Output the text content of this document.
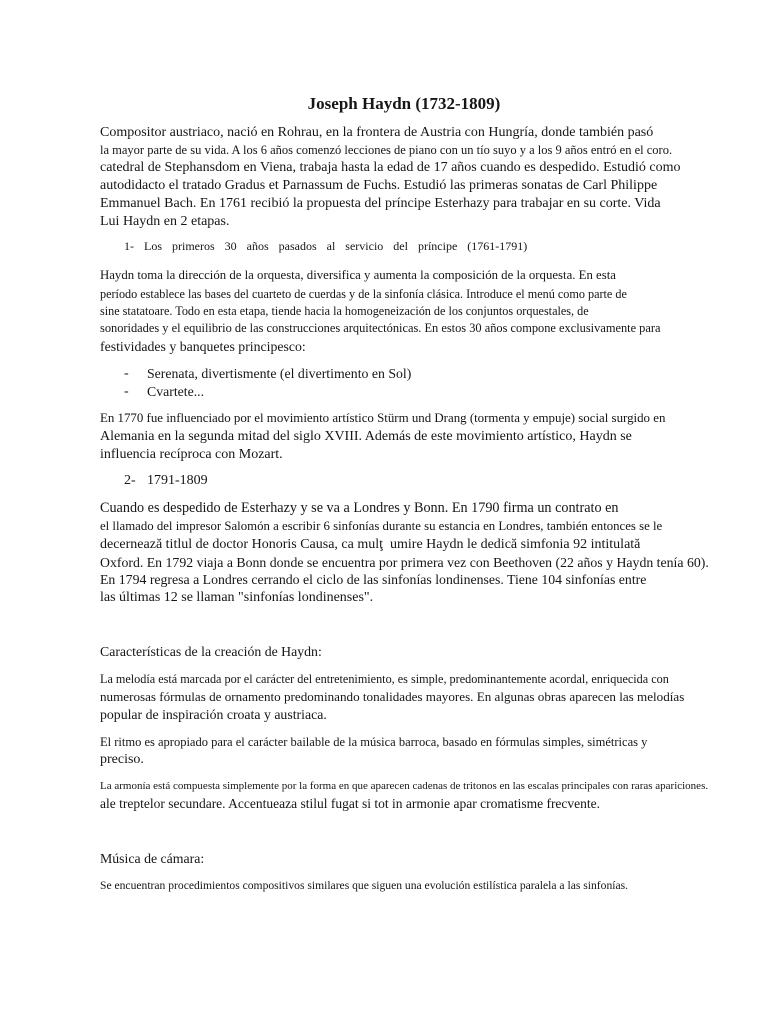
Joseph Haydn (1732-1809)
Compositor austriaco, nació en Rohrau, en la frontera de Austria con Hungría, donde también pasó
la mayor parte de su vida. A los 6 años comenzó lecciones de piano con un tío suyo y a los 9 años entró en el coro.
catedral de Stephansdom en Viena, trabaja hasta la edad de 17 años cuando es despedido. Estudió como
autodidacto el tratado Gradus et Parnassum de Fuchs. Estudió las primeras sonatas de Carl Philippe
Emmanuel Bach. En 1761 recibió la propuesta del príncipe Esterhazy para trabajar en su corte. Vida
Lui Haydn en 2 etapas.
1- Los primeros 30 años pasados al servicio del príncipe (1761-1791)
Haydn toma la dirección de la orquesta, diversifica y aumenta la composición de la orquesta. En esta
período establece las bases del cuarteto de cuerdas y de la sinfonía clásica. Introduce el menú como parte de
sine statatoare. Todo en esta etapa, tiende hacia la homogeneización de los conjuntos orquestales, de
sonoridades y el equilibrio de las construcciones arquitectónicas. En estos 30 años compone exclusivamente para
festividades y banquetes principesco:
- Serenata, divertismente (el divertimento en Sol)
- Cvartete...
En 1770 fue influenciado por el movimiento artístico Stürm und Drang (tormenta y empuje) social surgido en
Alemania en la segunda mitad del siglo XVIII. Además de este movimiento artístico, Haydn se
influencia recíproca con Mozart.
2- 1791-1809
Cuando es despedido de Esterhazy y se va a Londres y Bonn. En 1790 firma un contrato en
el llamado del impresor Salomón a escribir 6 sinfonías durante su estancia en Londres, también entonces se le
decernează titlul de doctor Honoris Causa, ca mulţ  umire Haydn le dedică simfonia 92 intitulată
Oxford. En 1792 viaja a Bonn donde se encuentra por primera vez con Beethoven (22 años y Haydn tenía 60).
En 1794 regresa a Londres cerrando el ciclo de las sinfonías londinenses. Tiene 104 sinfonías entre
las últimas 12 se llaman "sinfonías londinenses".
Características de la creación de Haydn:
La melodía está marcada por el carácter del entretenimiento, es simple, predominantemente acordal, enriquecida con
numerosas fórmulas de ornamento predominando tonalidades mayores. En algunas obras aparecen las melodías
popular de inspiración croata y austriaca.
El ritmo es apropiado para el carácter bailable de la música barroca, basado en fórmulas simples, simétricas y
preciso.
La armonía está compuesta simplemente por la forma en que aparecen cadenas de tritonos en las escalas principales con raras apariciones.
ale treptelor secundare. Accentueaza stilul fugat si tot in armonie apar cromatisme frecvente.
Música de cámara:
Se encuentran procedimientos compositivos similares que siguen una evolución estilística paralela a las sinfonías.
